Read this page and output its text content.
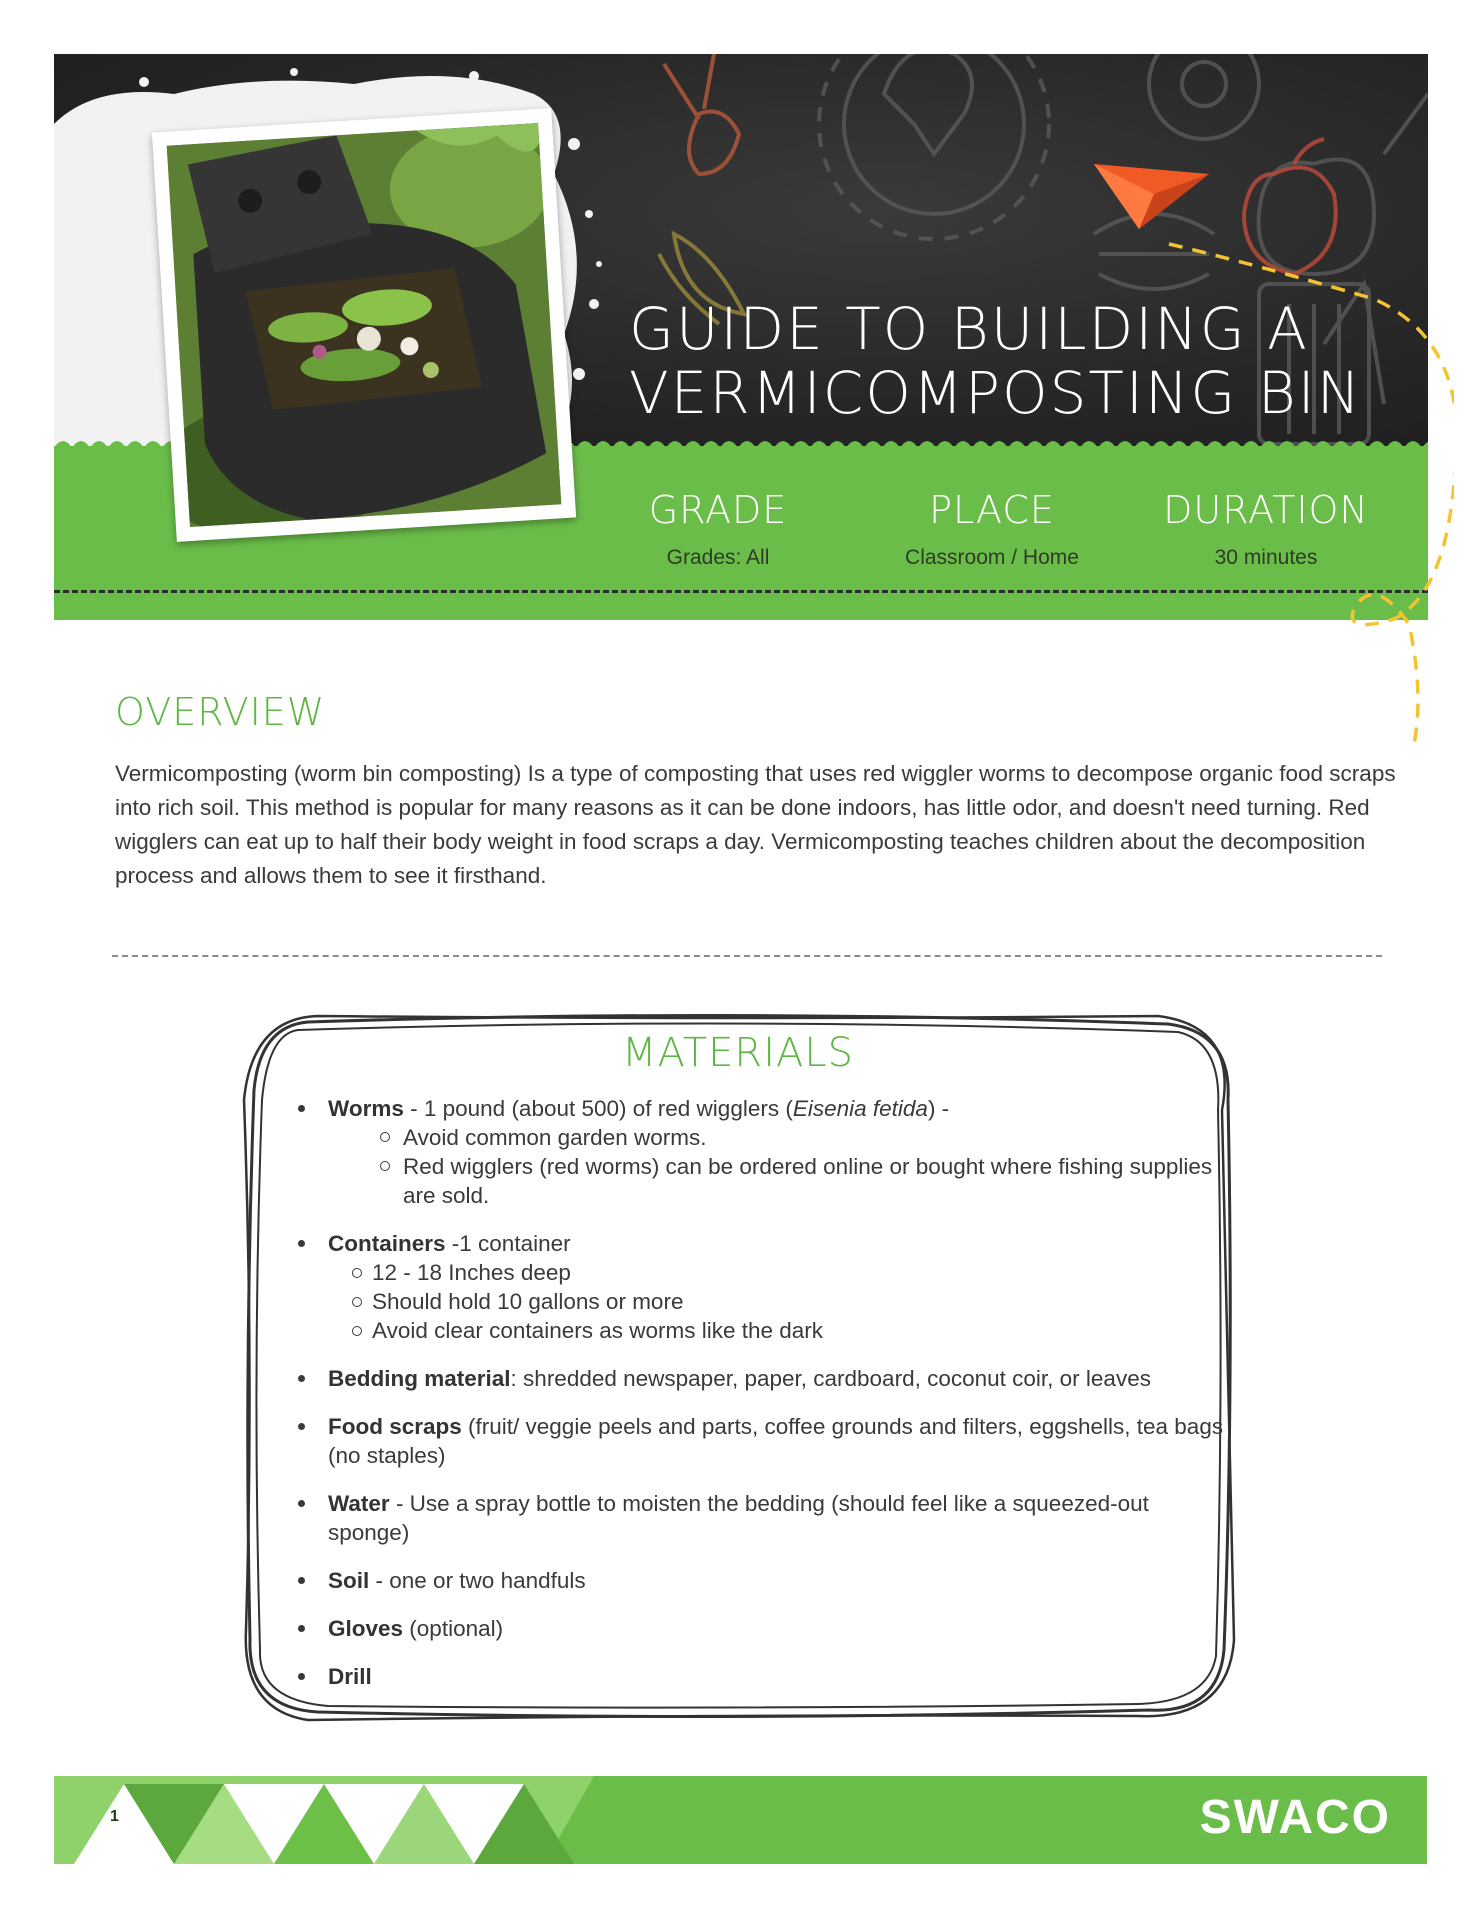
GUIDE TO BUILDING A
VERMICOMPOSTING BIN
GRADE
Grades: All
PLACE
Classroom / Home
DURATION
30 minutes
OVERVIEW
Vermicomposting (worm bin composting) Is a type of composting that uses red wiggler worms to decompose organic food scraps into rich soil. This method is popular for many reasons as it can be done indoors, has little odor, and doesn't need turning. Red wigglers can eat up to half their body weight in food scraps a day. Vermicomposting teaches children about the decomposition process and allows them to see it firsthand.
MATERIALS
Worms - 1 pound (about 500) of red wigglers (Eisenia fetida) -
Avoid common garden worms.
Red wigglers (red worms) can be ordered online or bought where fishing supplies are sold.
Containers -1 container
12 - 18 Inches deep
Should hold 10 gallons or more
Avoid clear containers as worms like the dark
Bedding material: shredded newspaper, paper, cardboard, coconut coir, or leaves
Food scraps (fruit/ veggie peels and parts, coffee grounds and filters, eggshells, tea bags (no staples)
Water - Use a spray bottle to moisten the bedding (should feel like a squeezed-out sponge)
Soil - one or two handfuls
Gloves (optional)
Drill
1	SWACO
